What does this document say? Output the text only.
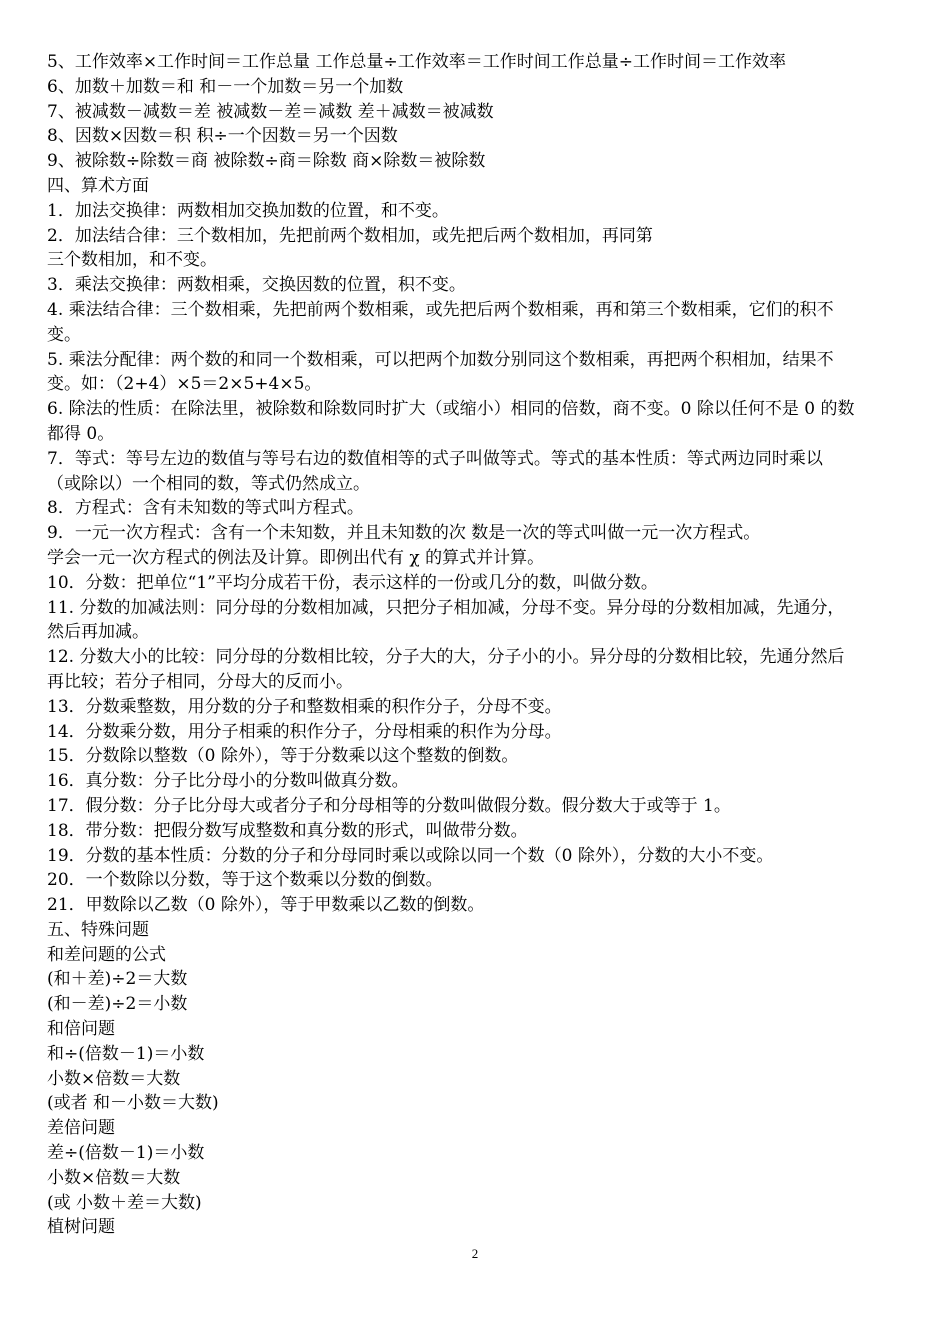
5、工作效率×工作时间＝工作总量 工作总量÷工作效率＝工作时间工作总量÷工作时间＝工作效率
6、加数＋加数＝和 和－一个加数＝另一个加数
7、被减数－减数＝差 被减数－差＝减数 差＋减数＝被减数
8、因数×因数＝积 积÷一个因数＝另一个因数
9、被除数÷除数＝商 被除数÷商＝除数 商×除数＝被除数
四、算术方面
1．加法交换律：两数相加交换加数的位置，和不变。
2．加法结合律：三个数相加，先把前两个数相加，或先把后两个数相加，再同第
三个数相加，和不变。
3．乘法交换律：两数相乘，交换因数的位置，积不变。
4. 乘法结合律：三个数相乘，先把前两个数相乘，或先把后两个数相乘，再和第三个数相乘，它们的积不
变。
5. 乘法分配律：两个数的和同一个数相乘，可以把两个加数分别同这个数相乘，再把两个积相加，结果不
变。如：（2+4）×5＝2×5+4×5。
6. 除法的性质：在除法里，被除数和除数同时扩大（或缩小）相同的倍数，商不变。0 除以任何不是 0 的数
都得 0。
7．等式：等号左边的数值与等号右边的数值相等的式子叫做等式。等式的基本性质：等式两边同时乘以
（或除以）一个相同的数，等式仍然成立。
8．方程式：含有未知数的等式叫方程式。
9．一元一次方程式：含有一个未知数，并且未知数的次 数是一次的等式叫做一元一次方程式。
学会一元一次方程式的例法及计算。即例出代有 χ 的算式并计算。
10．分数：把单位“1”平均分成若干份，表示这样的一份或几分的数，叫做分数。
11. 分数的加减法则：同分母的分数相加减，只把分子相加减，分母不变。异分母的分数相加减，先通分，
然后再加减。
12. 分数大小的比较：同分母的分数相比较，分子大的大，分子小的小。异分母的分数相比较，先通分然后
再比较；若分子相同，分母大的反而小。
13．分数乘整数，用分数的分子和整数相乘的积作分子，分母不变。
14．分数乘分数，用分子相乘的积作分子，分母相乘的积作为分母。
15．分数除以整数（0 除外），等于分数乘以这个整数的倒数。
16．真分数：分子比分母小的分数叫做真分数。
17．假分数：分子比分母大或者分子和分母相等的分数叫做假分数。假分数大于或等于 1。
18．带分数：把假分数写成整数和真分数的形式，叫做带分数。
19．分数的基本性质：分数的分子和分母同时乘以或除以同一个数（0 除外），分数的大小不变。
20．一个数除以分数，等于这个数乘以分数的倒数。
21．甲数除以乙数（0 除外），等于甲数乘以乙数的倒数。
五、特殊问题
和差问题的公式
(和＋差)÷2＝大数
(和－差)÷2＝小数
和倍问题
和÷(倍数－1)＝小数
小数×倍数＝大数
(或者 和－小数＝大数)
差倍问题
差÷(倍数－1)＝小数
小数×倍数＝大数
(或 小数＋差＝大数)
植树问题
2
